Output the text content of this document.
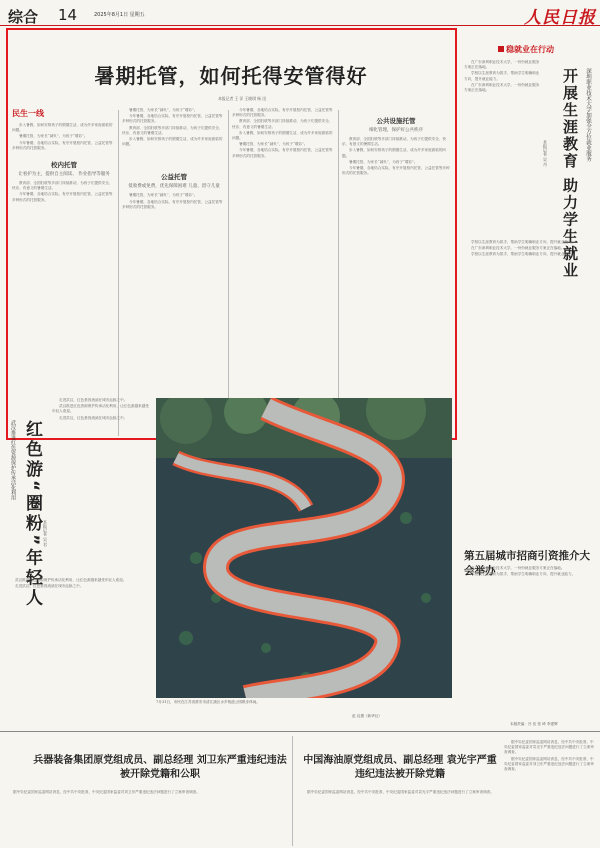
综合 14	2025年8月1日 星期五	人民日报
暑期托管，如何托得安管得好
本报记者 王 洋 王晓琪 杨 迅
民生一线

步入暑假，如何安排孩子的假期生活，成为许多家庭面临的问题。

暑期托管，为家长“减负”，为孩子“增彩”。

今年暑期，各地结合实际，有序开展校内托管、公益托管等多种形式的托管服务。

校内托管
让看护为主，提供自主阅读、 作业指导等服务

教育部、全国妇联等多部门持续推动，为孩子们提供安全、快乐、有意义的暑期生活。

今年暑期，各地结合实际，有序开展校内托管、公益托管等多种形式的托管服务。

暑期托管，为家长“减负”，为孩子“增彩”。

今年暑期，各地结合实际，有序开展校内托管、公益托管等多种形式的托管服务。

教育部、全国妇联等多部门持续推动，为孩子们提供安全、快乐、有意义的暑期生活。

步入暑假，如何安排孩子的假期生活，成为许多家庭面临的问题。

公益托管
低收费或免费，优先保障困难 儿童、留守儿童

暑期托管，为家长“减负”，为孩子“增彩”。

今年暑期，各地结合实际，有序开展校内托管、公益托管等多种形式的托管服务。

今年暑期，各地结合实际，有序开展校内托管、公益托管等多种形式的托管服务。

教育部、全国妇联等多部门持续推动，为孩子们提供安全、快乐、有意义的暑期生活。

步入暑假，如何安排孩子的假期生活，成为许多家庭面临的问题。

暑期托管，为家长“减负”，为孩子“增彩”。

今年暑期，各地结合实际，有序开展校内托管、公益托管等多种形式的托管服务。

公共设施托管
细化管理，保护好公共秩序

教育部、全国妇联等多部门持续推动，为孩子们提供安全、快乐、有意义的暑期生活。

步入暑假，如何安排孩子的假期生活，成为许多家庭面临的问题。

暑期托管，为家长“减负”，为孩子“增彩”。

今年暑期，各地结合实际，有序开展校内托管、公益托管等多种形式的托管服务。

稳就业在行动
深圳职业技术大学加强全方位就业服务
开展生涯教育 助力学生就业
本报记者 吴 丹

在广东深圳职业技术大学，一份份就业服务方案正在落地。

学校以生涯教育为抓手，帮助学生明确职业方向，提升就业能力。

在广东深圳职业技术大学，一份份就业服务方案正在落地。

学校以生涯教育为抓手，帮助学生明确职业方向，提升就业能力。

在广东深圳职业技术大学，一份份就业服务方案正在落地。

学校以生涯教育为抓手，帮助学生明确职业方向，提升就业能力。

武汉推进红色资源保护传承活化利用 红色游“圈粉”年轻人 本报记者 吴 君

走进武汉，红色基因流淌在城市血脉之中。

武汉推进红色资源保护传承活化利用，让红色游越来越受年轻人欢迎。

走进武汉，红色基因流淌在城市血脉之中。

武汉推进红色资源保护传承活化利用，让红色游越来越受年轻人欢迎。

走进武汉，红色基因流淌在城市血脉之中。

7月31日，市民在江苏省淮安市清江浦区水乡栈道公园散步休闲。
赵 启摄（新华社）
第五届城市招商引资推介大会举办

在广东深圳职业技术大学，一份份就业服务方案正在落地。

学校以生涯教育为抓手，帮助学生明确职业方向，提升就业能力。

本版责编：吕 佳 张 琦 李建辉
兵器装备集团原党组成员、副总经理 刘卫东严重违纪违法被开除党籍和公职

据中央纪委国家监委网站消息，经中共中央批准，中央纪委国家监委对刘卫东严重违纪违法问题进行了立案审查调查。

中国海油原党组成员、副总经理 袁光宇严重违纪违法被开除党籍

据中央纪委国家监委网站消息，经中共中央批准，中央纪委国家监委对袁光宇严重违纪违法问题进行了立案审查调查。

据中央纪委国家监委网站消息，经中共中央批准，中央纪委国家监委对袁光宇严重违纪违法问题进行了立案审查调查。

据中央纪委国家监委网站消息，经中共中央批准，中央纪委国家监委对刘卫东严重违纪违法问题进行了立案审查调查。
